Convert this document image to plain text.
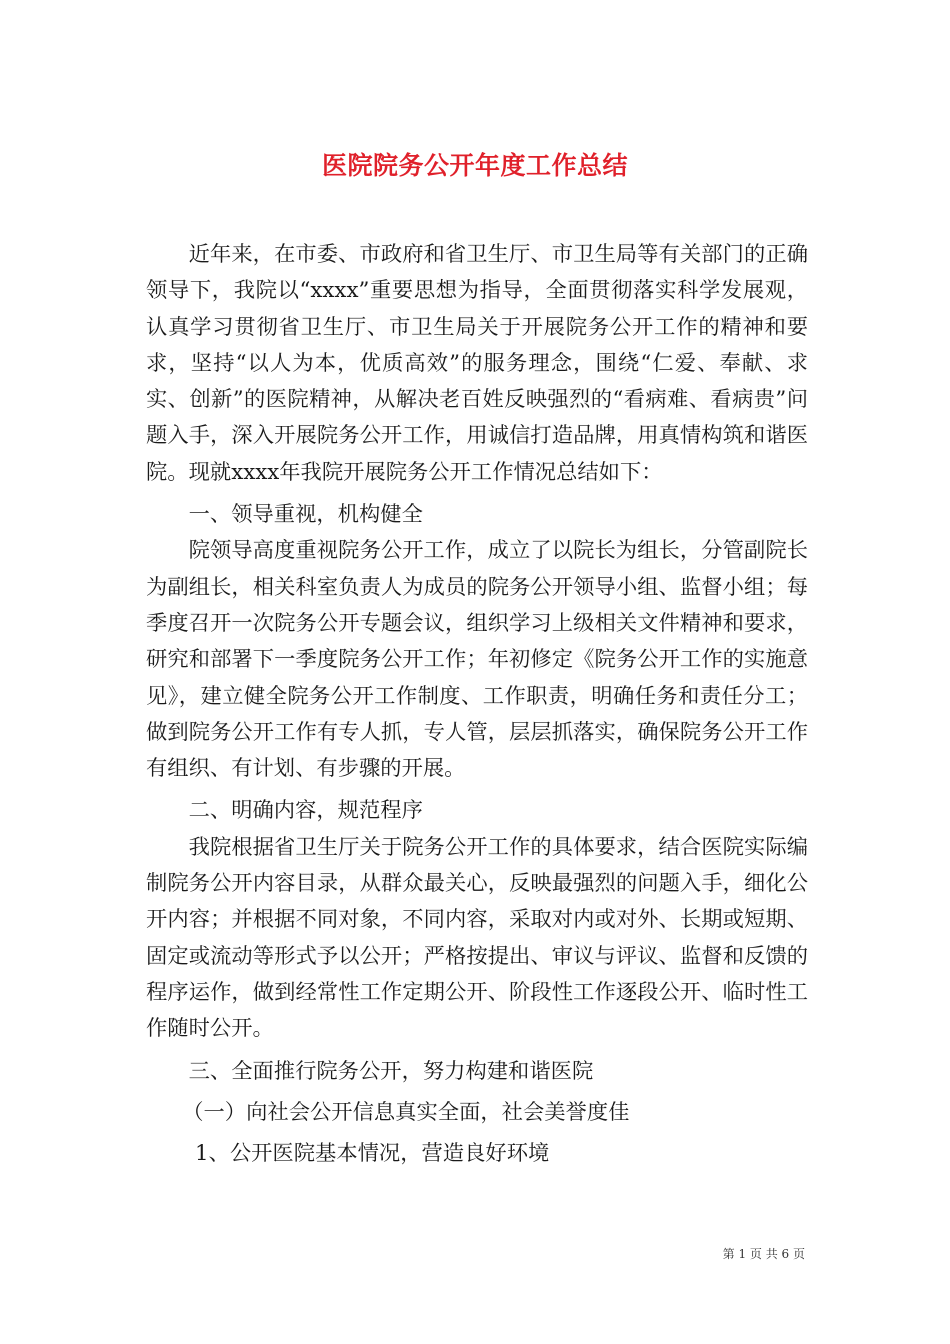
医院院务公开年度工作总结

近年来，在市委、市政府和省卫生厅、市卫生局等有关部门的正确领导下，我院以“xxxx”重要思想为指导，全面贯彻落实科学发展观，认真学习贯彻省卫生厅、市卫生局关于开展院务公开工作的精神和要求，坚持“以人为本，优质高效”的服务理念，围绕“仁爱、奉献、求实、创新”的医院精神，从解决老百姓反映强烈的“看病难、看病贵”问题入手，深入开展院务公开工作，用诚信打造品牌，用真情构筑和谐医院。现就xxxx年我院开展院务公开工作情况总结如下：

一、领导重视，机构健全

院领导高度重视院务公开工作，成立了以院长为组长，分管副院长为副组长，相关科室负责人为成员的院务公开领导小组、监督小组；每季度召开一次院务公开专题会议，组织学习上级相关文件精神和要求，研究和部署下一季度院务公开工作；年初修定《院务公开工作的实施意见》，建立健全院务公开工作制度、工作职责，明确任务和责任分工；做到院务公开工作有专人抓，专人管，层层抓落实，确保院务公开工作有组织、有计划、有步骤的开展。

二、明确内容，规范程序

我院根据省卫生厅关于院务公开工作的具体要求，结合医院实际编制院务公开内容目录，从群众最关心，反映最强烈的问题入手，细化公开内容；并根据不同对象，不同内容，采取对内或对外、长期或短期、固定或流动等形式予以公开；严格按提出、审议与评议、监督和反馈的程序运作，做到经常性工作定期公开、阶段性工作逐段公开、临时性工作随时公开。

三、全面推行院务公开，努力构建和谐医院

（一）向社会公开信息真实全面，社会美誉度佳

1、公开医院基本情况，营造良好环境

第 1 页 共 6 页
